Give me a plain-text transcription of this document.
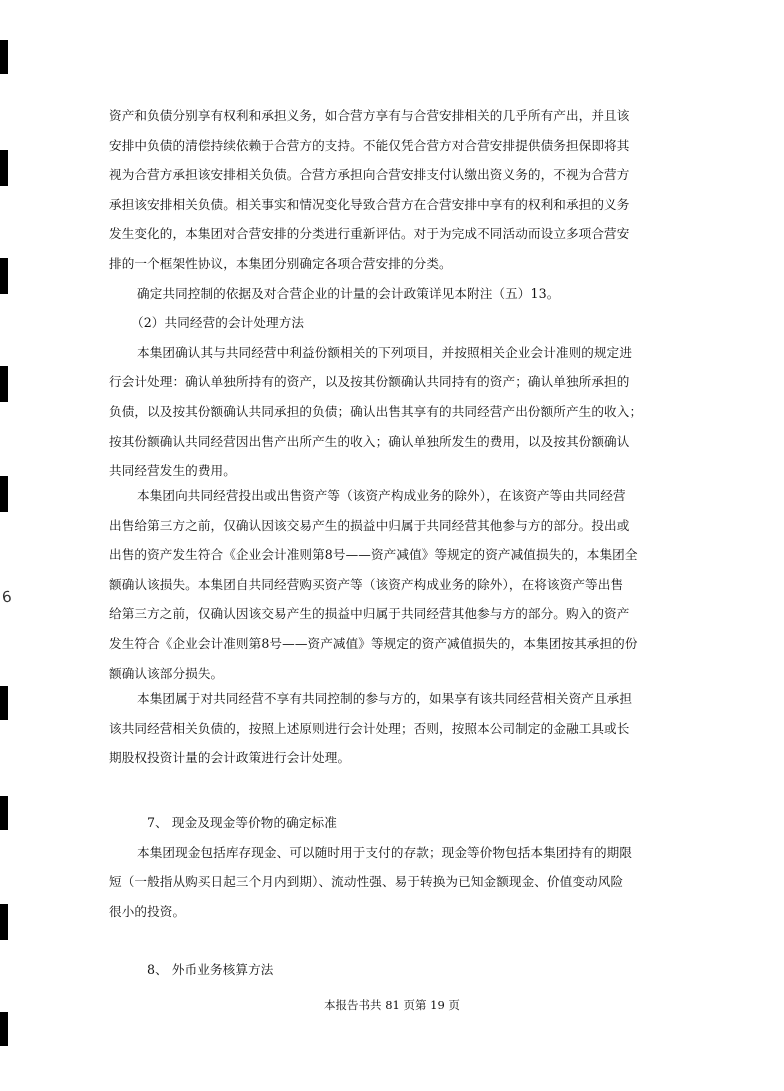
6

资产和负债分别享有权利和承担义务，如合营方享有与合营安排相关的几乎所有产出，并且该

安排中负债的清偿持续依赖于合营方的支持。不能仅凭合营方对合营安排提供债务担保即将其

视为合营方承担该安排相关负债。合营方承担向合营安排支付认缴出资义务的，不视为合营方

承担该安排相关负债。相关事实和情况变化导致合营方在合营安排中享有的权利和承担的义务

发生变化的，本集团对合营安排的分类进行重新评估。对于为完成不同活动而设立多项合营安

排的一个框架性协议，本集团分别确定各项合营安排的分类。

确定共同控制的依据及对合营企业的计量的会计政策详见本附注（五）13。

（2）共同经营的会计处理方法

本集团确认其与共同经营中利益份额相关的下列项目，并按照相关企业会计准则的规定进

行会计处理：确认单独所持有的资产，以及按其份额确认共同持有的资产；确认单独所承担的

负债，以及按其份额确认共同承担的负债；确认出售其享有的共同经营产出份额所产生的收入；

按其份额确认共同经营因出售产出所产生的收入；确认单独所发生的费用，以及按其份额确认

共同经营发生的费用。

本集团向共同经营投出或出售资产等（该资产构成业务的除外），在该资产等由共同经营

出售给第三方之前，仅确认因该交易产生的损益中归属于共同经营其他参与方的部分。投出或

出售的资产发生符合《企业会计准则第8号——资产减值》等规定的资产减值损失的，本集团全

额确认该损失。本集团自共同经营购买资产等（该资产构成业务的除外），在将该资产等出售

给第三方之前，仅确认因该交易产生的损益中归属于共同经营其他参与方的部分。购入的资产

发生符合《企业会计准则第8号——资产减值》等规定的资产减值损失的，本集团按其承担的份

额确认该部分损失。

本集团属于对共同经营不享有共同控制的参与方的，如果享有该共同经营相关资产且承担

该共同经营相关负债的，按照上述原则进行会计处理；否则，按照本公司制定的金融工具或长

期股权投资计量的会计政策进行会计处理。

7、 现金及现金等价物的确定标准

本集团现金包括库存现金、可以随时用于支付的存款；现金等价物包括本集团持有的期限

短（一般指从购买日起三个月内到期）、流动性强、易于转换为已知金额现金、价值变动风险

很小的投资。

8、 外币业务核算方法

本报告书共 81 页第 19 页
